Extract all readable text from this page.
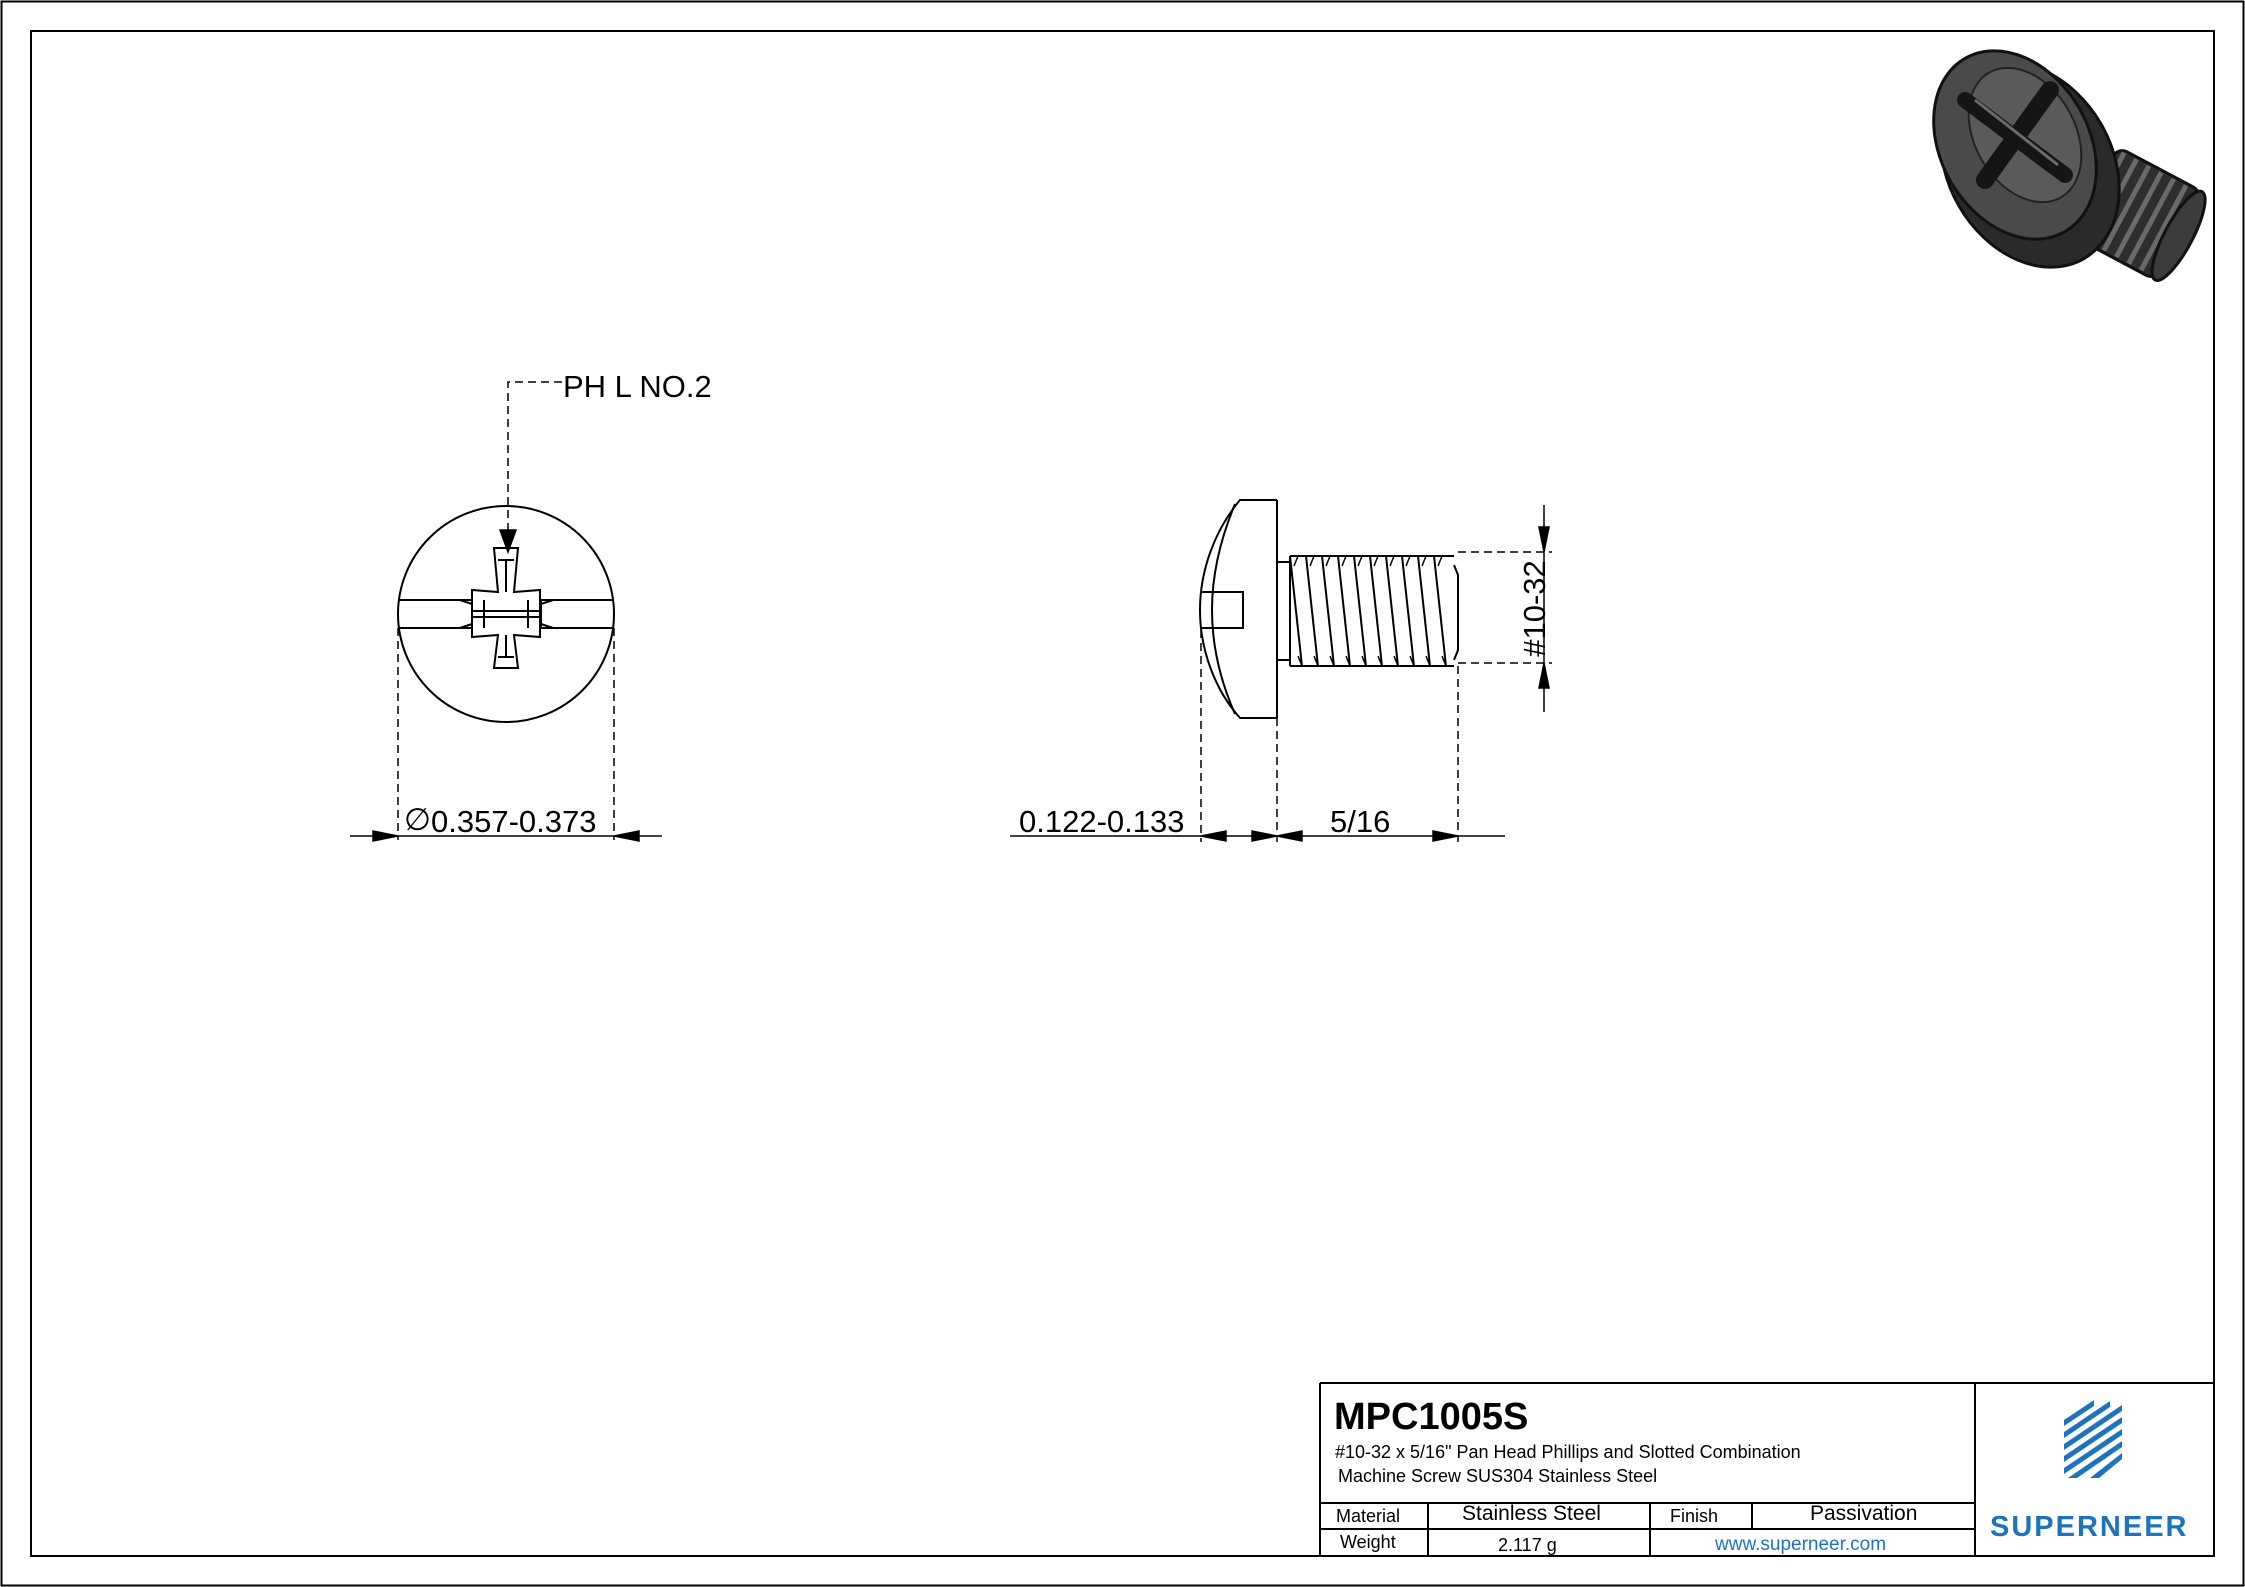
PH L NO.2
∅ 0.357-0.373	0.122-0.133	5/16
#10-32
MPC1005S
#10-32 x 5/16" Pan Head Phillips and Slotted Combination
Machine Screw SUS304 Stainless Steel
Material	Stainless Steel	Finish	Passivation
Weight	2.117 g	www.superneer.com
SUPERNEER
